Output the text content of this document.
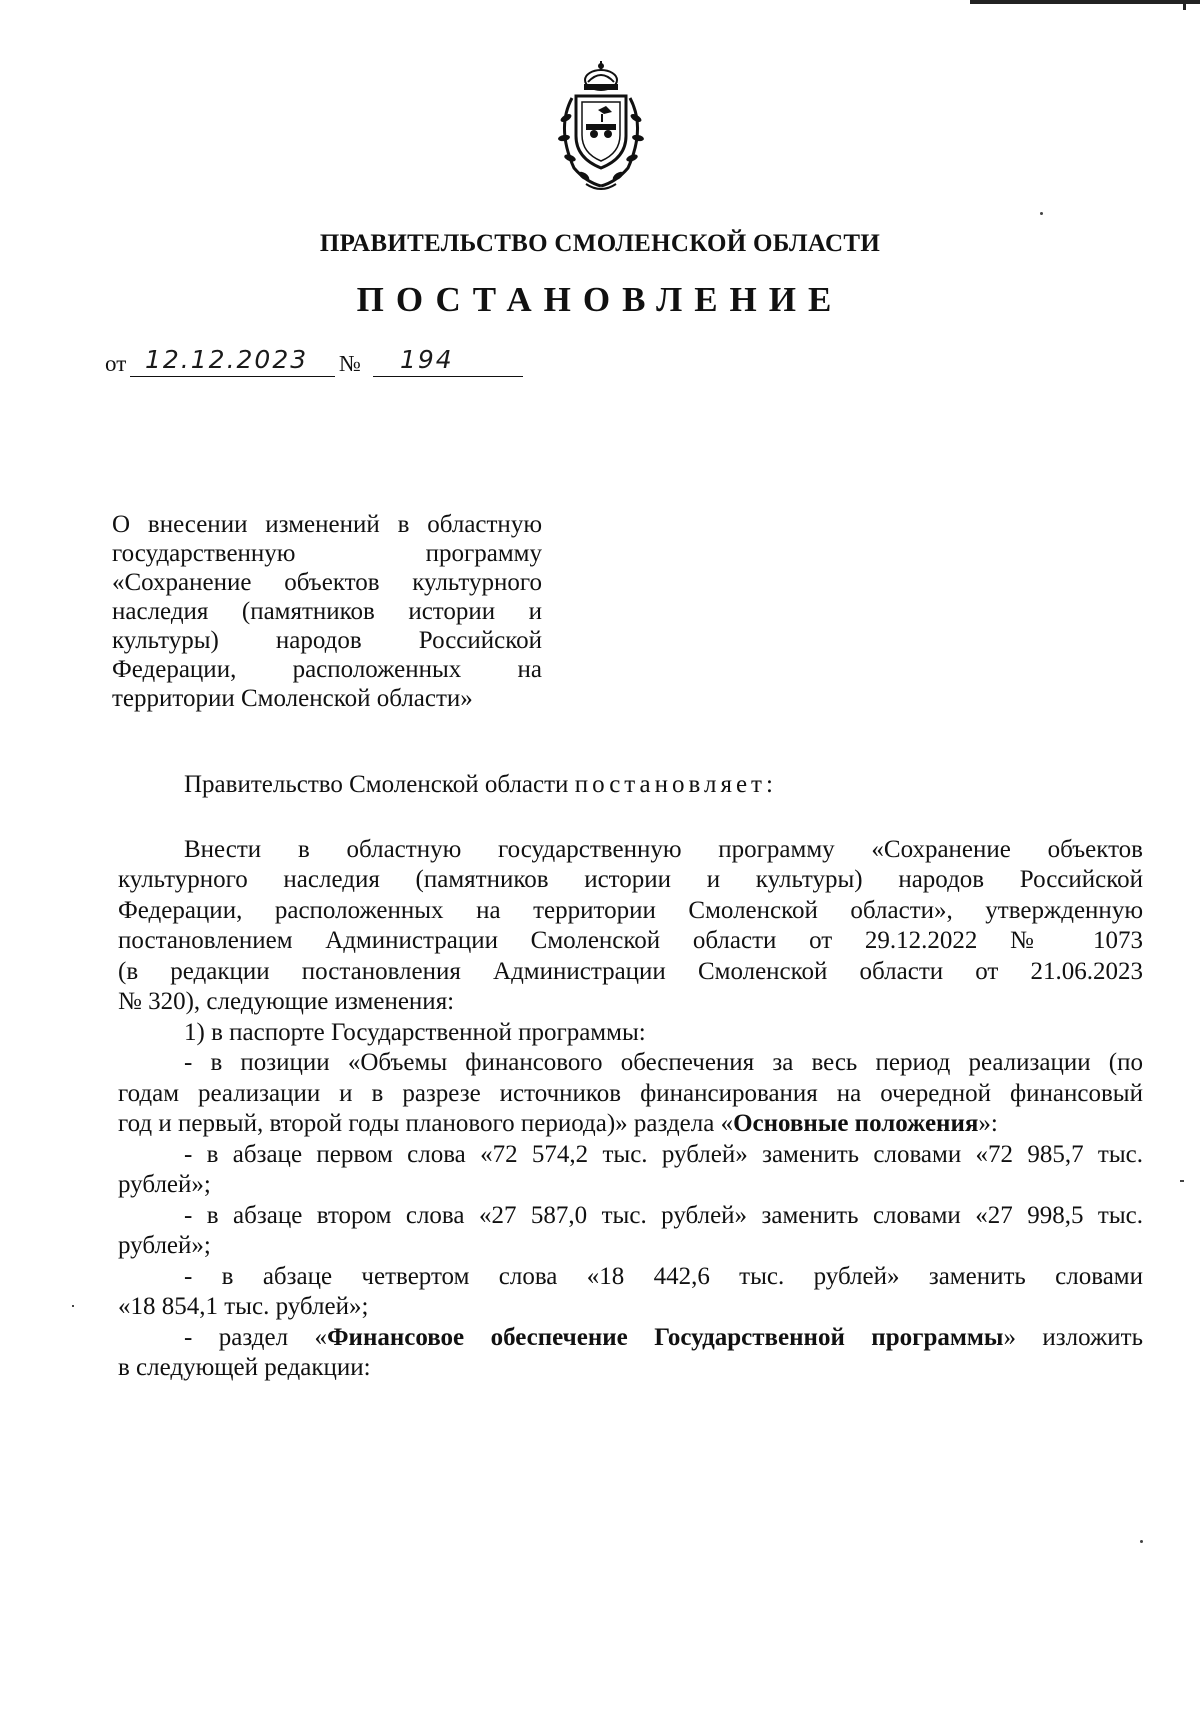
ПРАВИТЕЛЬСТВО СМОЛЕНСКОЙ ОБЛАСТИ
ПОСТАНОВЛЕНИЕ
от 12.12.2023 № 194
О внесении изменений в областную
государственную программу
«Сохранение объектов культурного
наследия (памятников истории и
культуры) народов Российской
Федерации, расположенных на
территории Смоленской области»
Правительство Смоленской области постановляет:
Внести в областную государственную программу «Сохранение объектов
культурного наследия (памятников истории и культуры) народов Российской
Федерации, расположенных на территории Смоленской области», утвержденную
постановлением Администрации Смоленской области от 29.12.2022 № 1073
(в редакции постановления Администрации Смоленской области от 21.06.2023
№ 320), следующие изменения:
1) в паспорте Государственной программы:
- в позиции «Объемы финансового обеспечения за весь период реализации (по
годам реализации и в разрезе источников финансирования на очередной финансовый
год и первый, второй годы планового периода)» раздела «Основные положения»:
- в абзаце первом слова «72 574,2 тыс. рублей» заменить словами «72 985,7 тыс.
рублей»;
- в абзаце втором слова «27 587,0 тыс. рублей» заменить словами «27 998,5 тыс.
рублей»;
- в абзаце четвертом слова «18 442,6 тыс. рублей» заменить словами
«18 854,1 тыс. рублей»;
- раздел «Финансовое обеспечение Государственной программы» изложить
в следующей редакции:
